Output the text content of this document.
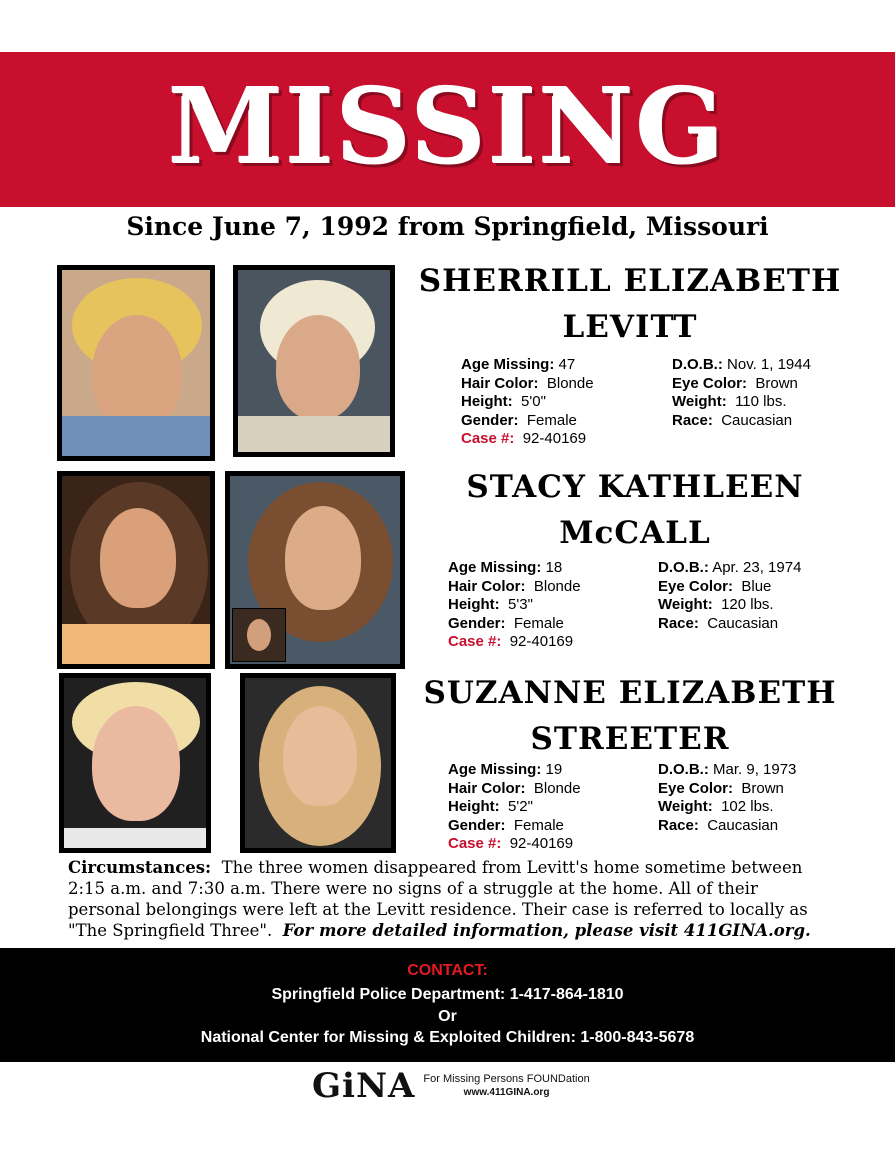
MISSING
Since June 7, 1992 from Springfield, Missouri
SHERRILL ELIZABETH
LEVITT
Age Missing: 47
Hair Color: Blonde
Height: 5'0"
Gender: Female
Case #: 92-40169
D.O.B.: Nov. 1, 1944
Eye Color: Brown
Weight: 110 lbs.
Race: Caucasian
STACY KATHLEEN
McCALL
Age Missing: 18
Hair Color: Blonde
Height: 5'3"
Gender: Female
Case #: 92-40169
D.O.B.: Apr. 23, 1974
Eye Color: Blue
Weight: 120 lbs.
Race: Caucasian
SUZANNE ELIZABETH
STREETER
Age Missing: 19
Hair Color: Blonde
Height: 5'2"
Gender: Female
Case #: 92-40169
D.O.B.: Mar. 9, 1973
Eye Color: Brown
Weight: 102 lbs.
Race: Caucasian
Circumstances: The three women disappeared from Levitt's home sometime between 2:15 a.m. and 7:30 a.m. There were no signs of a struggle at the home. All of their personal belongings were left at the Levitt residence. Their case is referred to locally as "The Springfield Three". For more detailed information, please visit 411GINA.org.
CONTACT:
Springfield Police Department: 1-417-864-1810
Or
National Center for Missing & Exploited Children: 1-800-843-5678
GiNA For Missing Persons FOUNDation
www.411GINA.org
